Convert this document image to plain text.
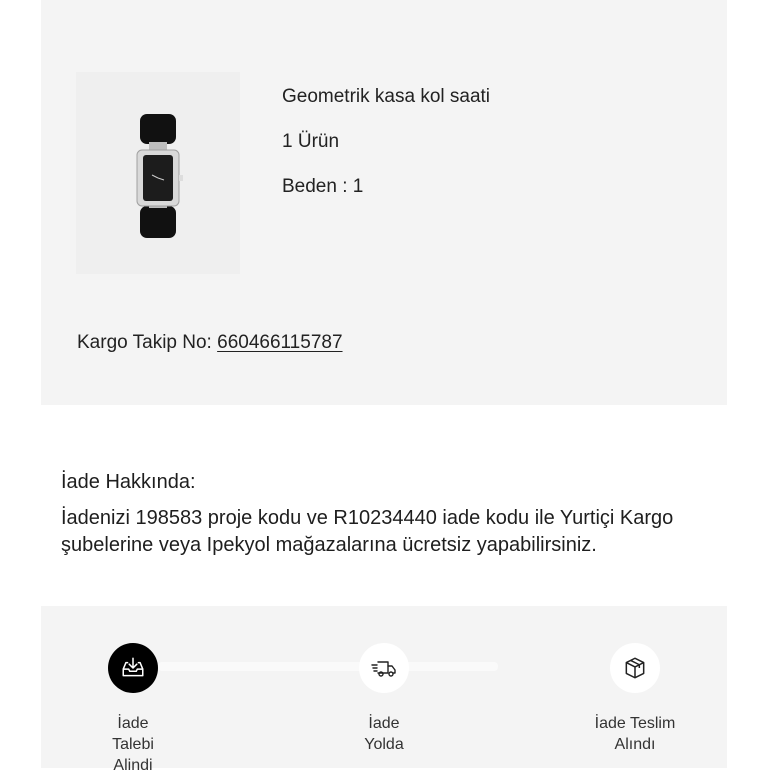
Geometrik kasa kol saati
1 Ürün
Beden : 1
Kargo Takip No: 660466115787
İade Hakkında:
İadenizi 198583 proje kodu ve R10234440 iade kodu ile Yurtiçi Kargo şubelerine veya Ipekyol mağazalarına ücretsiz yapabilirsiniz.
İade
Talebi
Alindi
İade
Yolda
İade Teslim
Alındı
